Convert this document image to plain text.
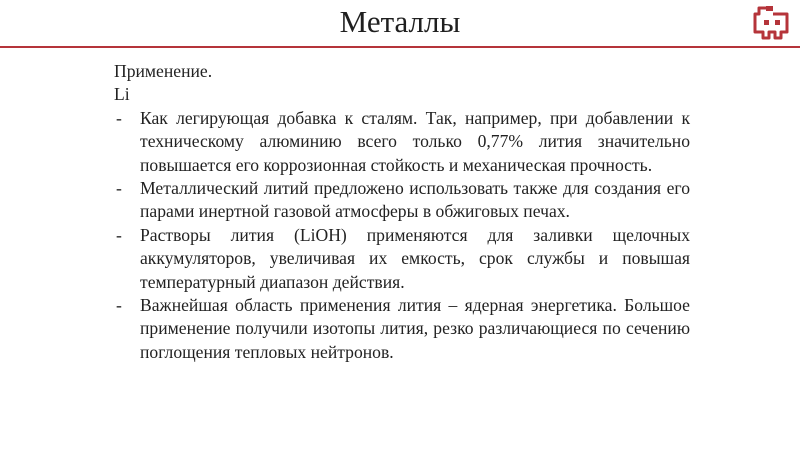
Металлы

Применение.

Li

- Как легирующая добавка к сталям. Так, например, при добавлении к техническому алюминию всего только 0,77% лития значительно повышается его коррозионная стойкость и механическая прочность.
- Металлический литий предложено использовать также для создания его парами инертной газовой атмосферы в обжиговых печах.
- Растворы лития (LiOH) применяются для заливки щелочных аккумуляторов, увеличивая их емкость, срок службы и повышая температурный диапазон действия.
- Важнейшая область применения лития – ядерная энергетика. Большое применение получили изотопы лития, резко различающиеся по сечению поглощения тепловых нейтронов.
